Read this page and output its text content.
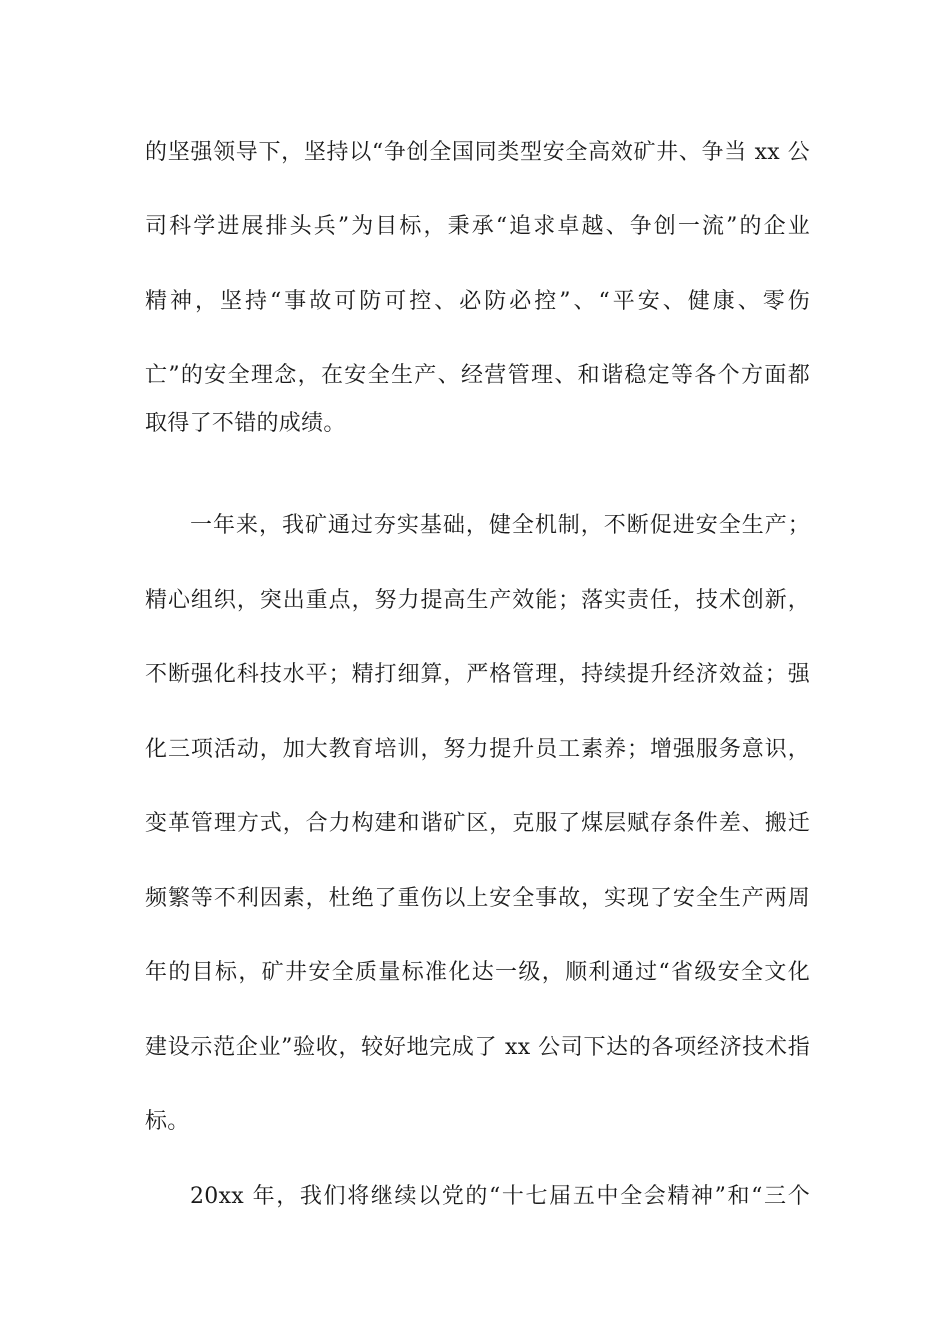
的坚强领导下，坚持以“争创全国同类型安全高效矿井、争当 xx 公
司科学进展排头兵”为目标，秉承“追求卓越、争创一流”的企业
精神，坚持“事故可防可控、必防必控”、“平安、健康、零伤
亡”的安全理念，在安全生产、经营管理、和谐稳定等各个方面都
取得了不错的成绩。
一年来，我矿通过夯实基础，健全机制，不断促进安全生产；
精心组织，突出重点，努力提高生产效能；落实责任，技术创新，
不断强化科技水平；精打细算，严格管理，持续提升经济效益；强
化三项活动，加大教育培训，努力提升员工素养；增强服务意识，
变革管理方式，合力构建和谐矿区，克服了煤层赋存条件差、搬迁
频繁等不利因素，杜绝了重伤以上安全事故，实现了安全生产两周
年的目标，矿井安全质量标准化达一级，顺利通过“省级安全文化
建设示范企业”验收，较好地完成了 xx 公司下达的各项经济技术指
标。
20xx 年，我们将继续以党的“十七届五中全会精神”和“三个
